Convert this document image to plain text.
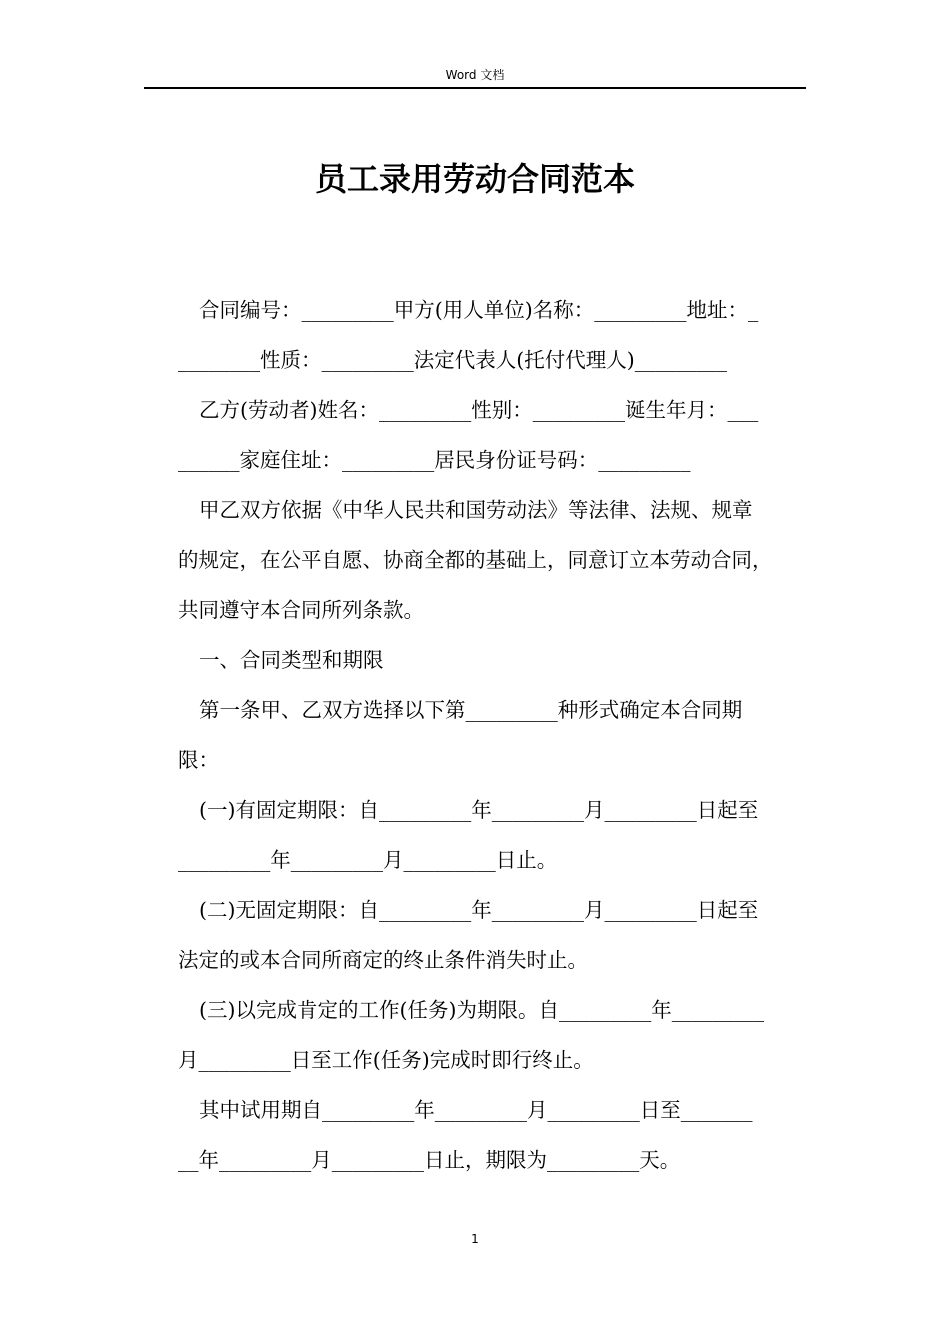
Word 文档
员工录用劳动合同范本
合同编号：_________甲方(用人单位)名称：_________地址：_
________性质：_________法定代表人(托付代理人)_________
乙方(劳动者)姓名：_________性别：_________诞生年月：___
______家庭住址：_________居民身份证号码：_________
甲乙双方依据《中华人民共和国劳动法》等法律、法规、规章
的规定，在公平自愿、协商全都的基础上，同意订立本劳动合同，
共同遵守本合同所列条款。
一、合同类型和期限
第一条甲、乙双方选择以下第_________种形式确定本合同期
限：
(一)有固定期限：自_________年_________月_________日起至
_________年_________月_________日止。
(二)无固定期限：自_________年_________月_________日起至
法定的或本合同所商定的终止条件消失时止。
(三)以完成肯定的工作(任务)为期限。自_________年_________
月_________日至工作(任务)完成时即行终止。
其中试用期自_________年_________月_________日至_______
__年_________月_________日止，期限为_________天。
1
